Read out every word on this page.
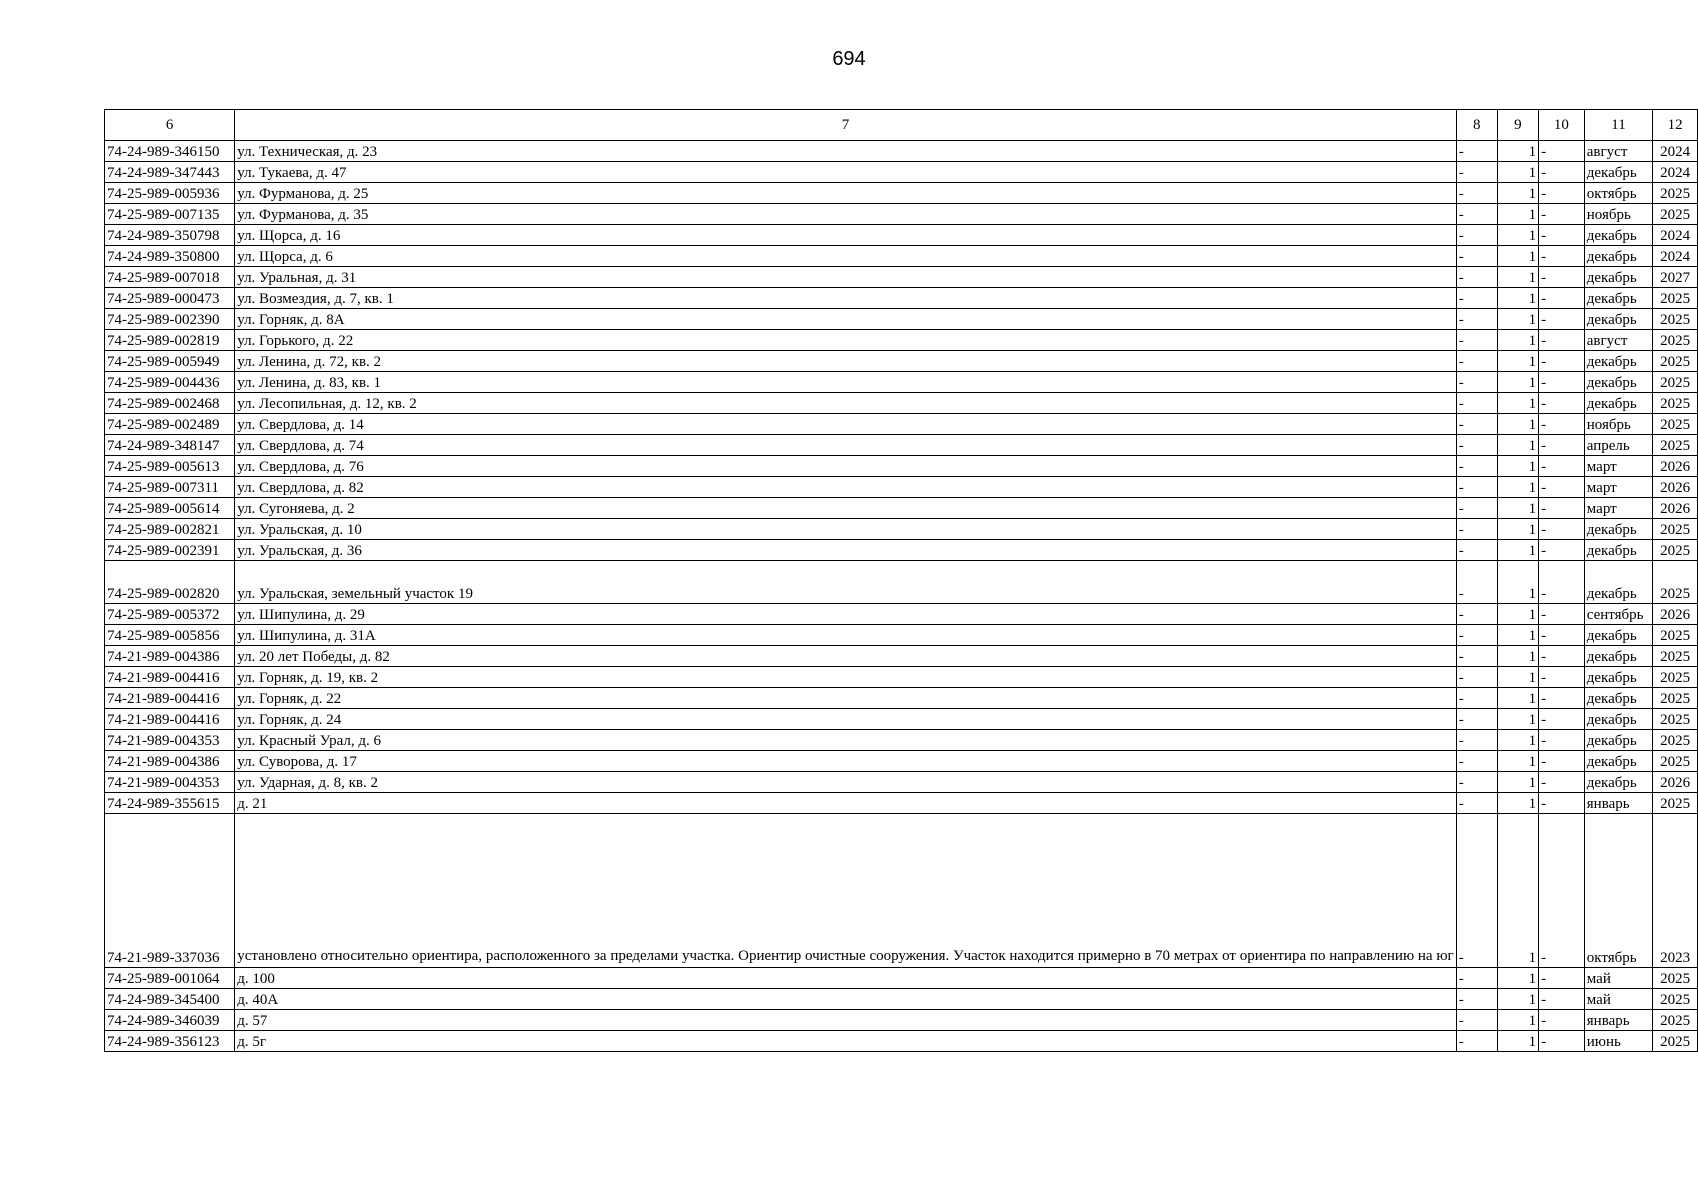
694
6	7	8	9	10	11	12
74-24-989-346150	ул. Техническая, д. 23	-	1	-	август	2024
74-24-989-347443	ул. Тукаева, д. 47	-	1	-	декабрь	2024
74-25-989-005936	ул. Фурманова, д. 25	-	1	-	октябрь	2025
74-25-989-007135	ул. Фурманова, д. 35	-	1	-	ноябрь	2025
74-24-989-350798	ул. Щорса, д. 16	-	1	-	декабрь	2024
74-24-989-350800	ул. Щорса, д. 6	-	1	-	декабрь	2024
74-25-989-007018	ул. Уральная, д. 31	-	1	-	декабрь	2027
74-25-989-000473	ул. Возмездия, д. 7, кв. 1	-	1	-	декабрь	2025
74-25-989-002390	ул. Горняк, д. 8А	-	1	-	декабрь	2025
74-25-989-002819	ул. Горького, д. 22	-	1	-	август	2025
74-25-989-005949	ул. Ленина, д. 72, кв. 2	-	1	-	декабрь	2025
74-25-989-004436	ул. Ленина, д. 83, кв. 1	-	1	-	декабрь	2025
74-25-989-002468	ул. Лесопильная, д. 12, кв. 2	-	1	-	декабрь	2025
74-25-989-002489	ул. Свердлова, д. 14	-	1	-	ноябрь	2025
74-24-989-348147	ул. Свердлова, д. 74	-	1	-	апрель	2025
74-25-989-005613	ул. Свердлова, д. 76	-	1	-	март	2026
74-25-989-007311	ул. Свердлова, д. 82	-	1	-	март	2026
74-25-989-005614	ул. Сугоняева, д. 2	-	1	-	март	2026
74-25-989-002821	ул. Уральская, д. 10	-	1	-	декабрь	2025
74-25-989-002391	ул. Уральская, д. 36	-	1	-	декабрь	2025
74-25-989-002820	ул. Уральская, земельный участок 19	-	1	-	декабрь	2025
74-25-989-005372	ул. Шипулина, д. 29	-	1	-	сентябрь	2026
74-25-989-005856	ул. Шипулина, д. 31А	-	1	-	декабрь	2025
74-21-989-004386	ул. 20 лет Победы, д. 82	-	1	-	декабрь	2025
74-21-989-004416	ул. Горняк, д. 19, кв. 2	-	1	-	декабрь	2025
74-21-989-004416	ул. Горняк, д. 22	-	1	-	декабрь	2025
74-21-989-004416	ул. Горняк, д. 24	-	1	-	декабрь	2025
74-21-989-004353	ул. Красный Урал, д. 6	-	1	-	декабрь	2025
74-21-989-004386	ул. Суворова, д. 17	-	1	-	декабрь	2025
74-21-989-004353	ул. Ударная, д. 8, кв. 2	-	1	-	декабрь	2026
74-24-989-355615	д. 21	-	1	-	январь	2025
74-21-989-337036	установлено относительно ориентира, расположенного за пределами участка. Ориентир очистные сооружения. Участок находится примерно в 70 метрах от ориентира по направлению на юг	-	1	-	октябрь	2023
74-25-989-001064	д. 100	-	1	-	май	2025
74-24-989-345400	д. 40А	-	1	-	май	2025
74-24-989-346039	д. 57	-	1	-	январь	2025
74-24-989-356123	д. 5г	-	1	-	июнь	2025
